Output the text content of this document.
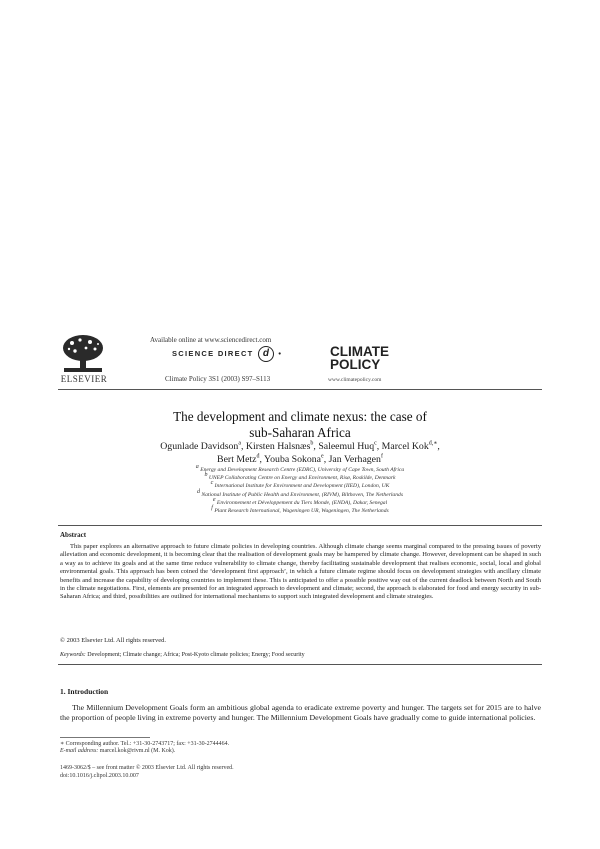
ELSEVIER
Available online at www.sciencedirect.com
SCIENCE DIRECT d •
Climate Policy 3S1 (2003) S97–S113
CLIMATE
POLICY
www.climatepolicy.com
The development and climate nexus: the case of
sub-Saharan Africa
Ogunlade Davidson$^a$, Kirsten Halsnæs$^b$, Saleemul Huq$^c$, Marcel Kok$^{d,∗}$,
Bert Metz$^d$, Youba Sokona$^e$, Jan Verhagen$^f$
$^a$ Energy and Development Research Centre (EDRC), University of Cape Town, South Africa
$^b$ UNEP Collaborating Centre on Energy and Environment, Risø, Roskilde, Denmark
$^c$ International Institute for Environment and Development (IIED), London, UK
$^d$ National Institute of Public Health and Environment, (RIVM), Bilthoven, The Netherlands
$^e$ Environnement et Développement du Tiers Monde, (ENDA), Dakar, Senegal
$^f$ Plant Research International, Wageningen UR, Wageningen, The Netherlands
Abstract
This paper explores an alternative approach to future climate policies in developing countries. Although climate change seems marginal compared to the pressing issues of poverty alleviation and economic development, it is becoming clear that the realisation of development goals may be hampered by climate change. However, development can be shaped in such a way as to achieve its goals and at the same time reduce vulnerability to climate change, thereby facilitating sustainable development that realises economic, social, local and global environmental goals. This approach has been coined the ‘development first approach’, in which a future climate regime should focus on development strategies with ancillary climate benefits and increase the capability of developing countries to implement these. This is anticipated to offer a possible positive way out of the current deadlock between North and South in the climate negotiations. First, elements are presented for an integrated approach to development and climate; second, the approach is elaborated for food and energy security in sub-Saharan Africa; and third, possibilities are outlined for international mechanisms to support such integrated development and climate strategies.
© 2003 Elsevier Ltd. All rights reserved.
Keywords: Development; Climate change; Africa; Post-Kyoto climate policies; Energy; Food security
1. Introduction
The Millennium Development Goals form an ambitious global agenda to eradicate extreme poverty and hunger. The targets set for 2015 are to halve the proportion of people living in extreme poverty and hunger. The Millennium Development Goals have gradually come to guide international policies.
∗ Corresponding author. Tel.: +31-30-2743717; fax: +31-30-2744464.
E-mail address: marcel.kok@rivm.nl (M. Kok).
1469-3062/$ – see front matter © 2003 Elsevier Ltd. All rights reserved.
doi:10.1016/j.clipol.2003.10.007
